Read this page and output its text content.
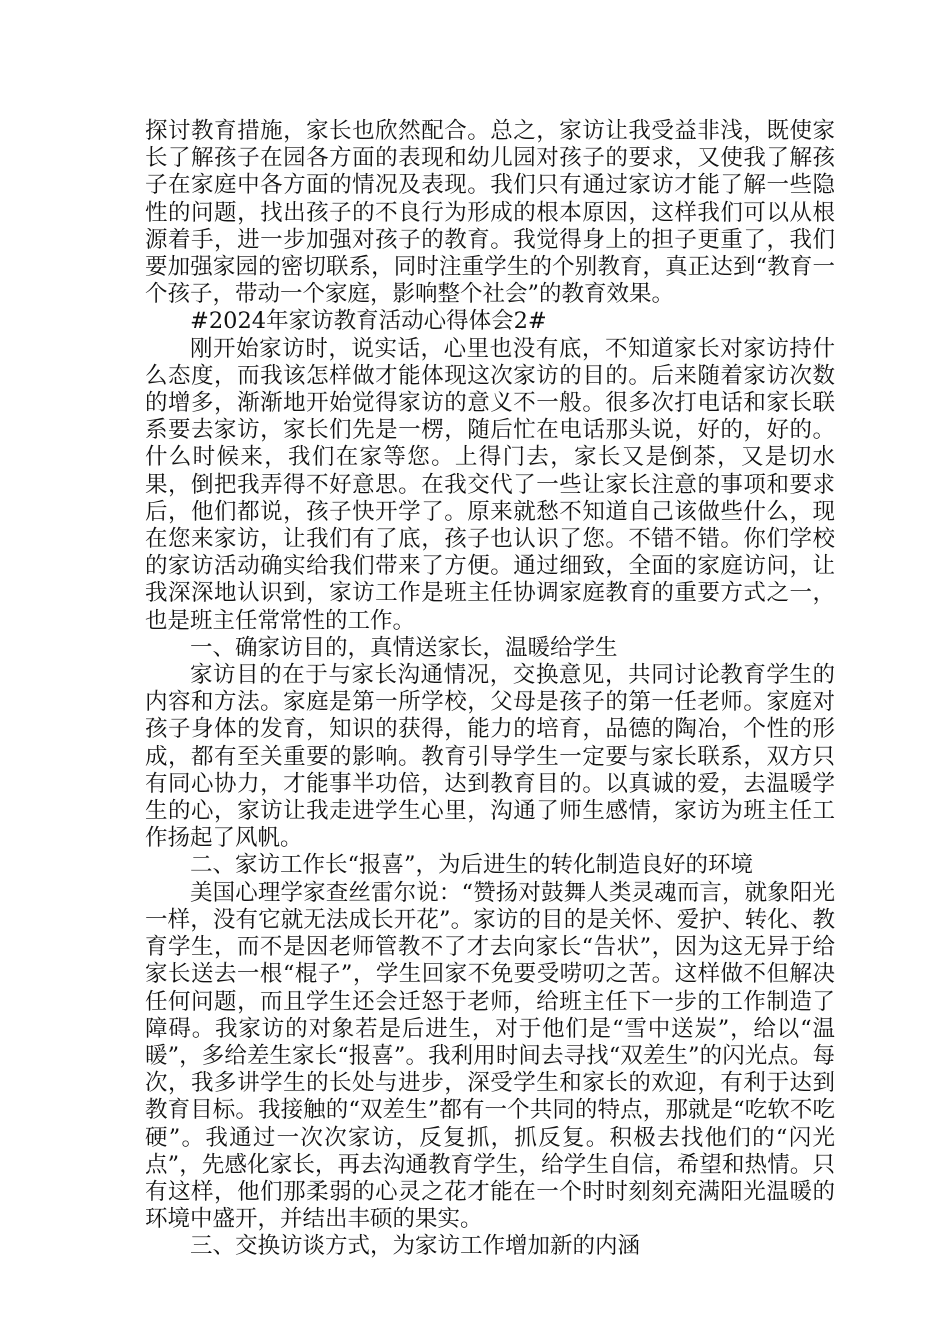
探讨教育措施，家长也欣然配合。总之，家访让我受益非浅，既使家长了解孩子在园各方面的表现和幼儿园对孩子的要求，又使我了解孩子在家庭中各方面的情况及表现。我们只有通过家访才能了解一些隐性的问题，找出孩子的不良行为形成的根本原因，这样我们可以从根源着手，进一步加强对孩子的教育。我觉得身上的担子更重了，我们要加强家园的密切联系，同时注重学生的个别教育，真正达到“教育一个孩子，带动一个家庭，影响整个社会”的教育效果。

#2024年家访教育活动心得体会2#

刚开始家访时，说实话，心里也没有底，不知道家长对家访持什么态度，而我该怎样做才能体现这次家访的目的。后来随着家访次数的增多，渐渐地开始觉得家访的意义不一般。很多次打电话和家长联系要去家访，家长们先是一楞，随后忙在电话那头说，好的，好的。什么时候来，我们在家等您。上得门去，家长又是倒茶，又是切水果，倒把我弄得不好意思。在我交代了一些让家长注意的事项和要求后，他们都说，孩子快开学了。原来就愁不知道自己该做些什么，现在您来家访，让我们有了底，孩子也认识了您。不错不错。你们学校的家访活动确实给我们带来了方便。通过细致，全面的家庭访问，让我深深地认识到，家访工作是班主任协调家庭教育的重要方式之一，也是班主任常常性的工作。

一、确家访目的，真情送家长，温暖给学生

家访目的在于与家长沟通情况，交换意见，共同讨论教育学生的内容和方法。家庭是第一所学校，父母是孩子的第一任老师。家庭对孩子身体的发育，知识的获得，能力的培育，品德的陶冶，个性的形成，都有至关重要的影响。教育引导学生一定要与家长联系，双方只有同心协力，才能事半功倍，达到教育目的。以真诚的爱，去温暖学生的心，家访让我走进学生心里，沟通了师生感情，家访为班主任工作扬起了风帆。

二、家访工作长“报喜”，为后进生的转化制造良好的环境

美国心理学家查丝雷尔说：“赞扬对鼓舞人类灵魂而言，就象阳光一样，没有它就无法成长开花”。家访的目的是关怀、爱护、转化、教育学生，而不是因老师管教不了才去向家长“告状”，因为这无异于给家长送去一根“棍子”，学生回家不免要受唠叨之苦。这样做不但解决任何问题，而且学生还会迁怒于老师，给班主任下一步的工作制造了障碍。我家访的对象若是后进生，对于他们是“雪中送炭”，给以“温暖”，多给差生家长“报喜”。我利用时间去寻找“双差生”的闪光点。每次，我多讲学生的长处与进步，深受学生和家长的欢迎，有利于达到教育目标。我接触的“双差生”都有一个共同的特点，那就是“吃软不吃硬”。我通过一次次家访，反复抓，抓反复。积极去找他们的“闪光点”，先感化家长，再去沟通教育学生，给学生自信，希望和热情。只有这样，他们那柔弱的心灵之花才能在一个时时刻刻充满阳光温暖的环境中盛开，并结出丰硕的果实。

三、交换访谈方式，为家访工作增加新的内涵
